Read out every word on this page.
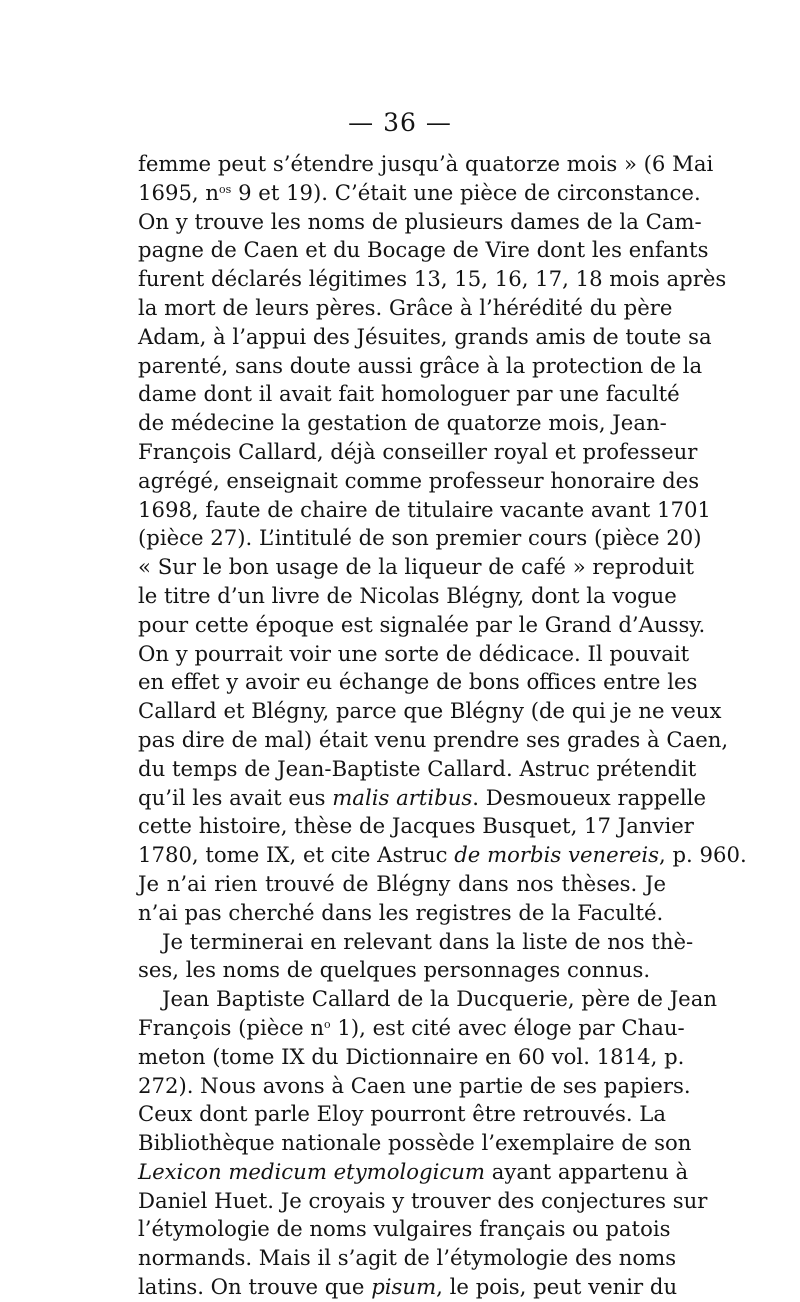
— 36 —
femme peut s’étendre jusqu’à quatorze mois » (6 Mai
1695, $n^{os}$ 9 et 19). C’était une pièce de circonstance.
On y trouve les noms de plusieurs dames de la Cam-
pagne de Caen et du Bocage de Vire dont les enfants
furent déclarés légitimes 13, 15, 16, 17, 18 mois après
la mort de leurs pères. Grâce à l’hérédité du père
Adam, à l’appui des Jésuites, grands amis de toute sa
parenté, sans doute aussi grâce à la protection de la
dame dont il avait fait homologuer par une faculté
de médecine la gestation de quatorze mois, Jean-
François Callard, déjà conseiller royal et professeur
agrégé, enseignait comme professeur honoraire des
1698, faute de chaire de titulaire vacante avant 1701
(pièce 27). L’intitulé de son premier cours (pièce 20)
« Sur le bon usage de la liqueur de café » reproduit
le titre d’un livre de Nicolas Blégny, dont la vogue
pour cette époque est signalée par le Grand d’Aussy.
On y pourrait voir une sorte de dédicace. Il pouvait
en effet y avoir eu échange de bons offices entre les
Callard et Blégny, parce que Blégny (de qui je ne veux
pas dire de mal) était venu prendre ses grades à Caen,
du temps de Jean-Baptiste Callard. Astruc prétendit
qu’il les avait eus malis artibus. Desmoueux rappelle
cette histoire, thèse de Jacques Busquet, 17 Janvier
1780, tome IX, et cite Astruc de morbis venereis, p. 960.
Je n’ai rien trouvé de Blégny dans nos thèses. Je
n’ai pas cherché dans les registres de la Faculté.
Je terminerai en relevant dans la liste de nos thè-
ses, les noms de quelques personnages connus.
Jean Baptiste Callard de la Ducquerie, père de Jean
François (pièce $n^o$ 1), est cité avec éloge par Chau-
meton (tome IX du Dictionnaire en 60 vol. 1814, p.
272). Nous avons à Caen une partie de ses papiers.
Ceux dont parle Eloy pourront être retrouvés. La
Bibliothèque nationale possède l’exemplaire de son
Lexicon medicum etymologicum ayant appartenu à
Daniel Huet. Je croyais y trouver des conjectures sur
l’étymologie de noms vulgaires français ou patois
normands. Mais il s’agit de l’étymologie des noms
latins. On trouve que pisum, le pois, peut venir du
